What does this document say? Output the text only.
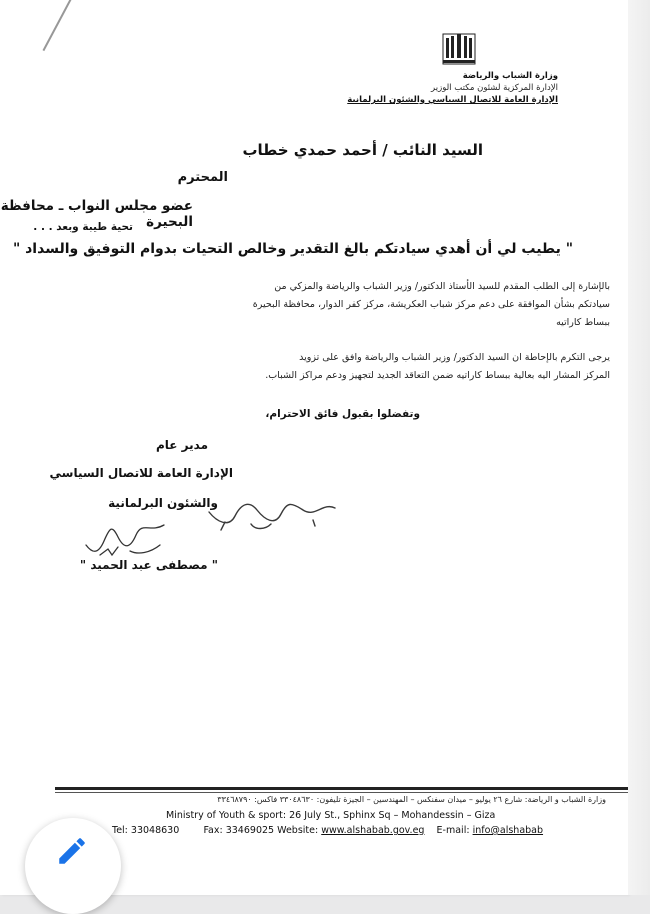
وزارة الشباب والرياضة
الإدارة المركزية لشئون مكتب الوزير
الإدارة العامة للاتصال السياسي والشئون البرلمانية
السيد النائب / أحمد حمدي خطاب
المحترم
عضو مجلس النواب ـ محافظة البحيرة
تحية طيبة وبعد . . .
" يطيب لي أن أهدي سيادتكم بالغ التقدير وخالص التحيات بدوام التوفيق والسداد "
بالإشارة إلى الطلب المقدم للسيد الأستاذ الدكتور/ وزير الشباب والرياضة والمزكي من
سيادتكم بشأن الموافقة على دعم مركز شباب العكريشة، مركز كفر الدوار، محافظة البحيرة
ببساط كاراتيه
يرجى التكرم بالإحاطة ان السيد الدكتور/ وزير الشباب والرياضة وافق على تزويد
المركز المشار اليه بعالية ببساط كاراتيه ضمن التعاقد الجديد لتجهيز ودعم مراكز الشباب.
وتفضلوا بقبول فائق الاحترام،
مدير عام
الإدارة العامة للاتصال السياسي
والشئون البرلمانية
" مصطفى عبد الحميد "
وزارة الشباب و الرياضة: شارع ٢٦ يوليو – ميدان سفنكس – المهندسين – الجيزة تليفون: ٣٣٠٤٨٦٣٠ فاكس: ٣٣٤٦٨٧٩٠
Ministry of Youth & sport: 26 July St., Sphinx Sq – Mohandessin – Giza
Tel: 33048630	Fax: 33469025 Website: www.alshabab.gov.eg E-mail: info@alshabab
